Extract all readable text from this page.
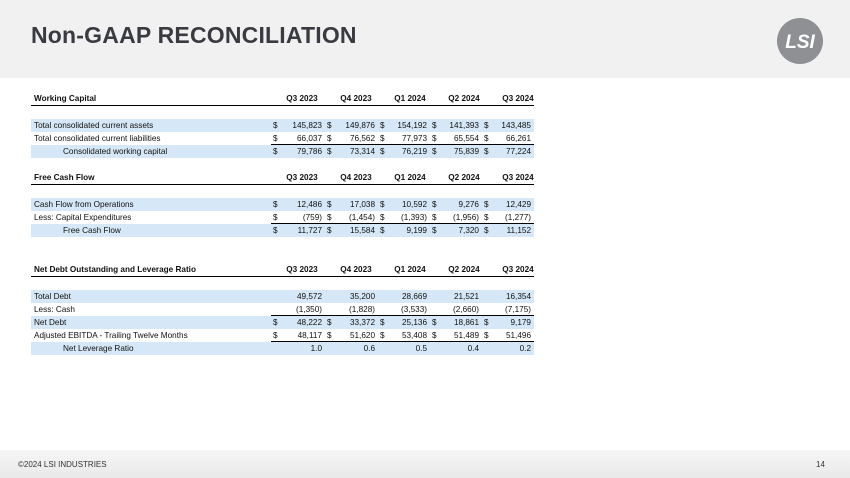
Non-GAAP RECONCILIATION	LSI
Working Capital	Q3 2023	Q4 2023	Q1 2024	Q2 2024	Q3 2024
Total consolidated current assets	$ 145,823 $ 149,876 $ 154,192 $ 141,393 $ 143,485
Total consolidated current liabilities	$ 66,037 $ 76,562 $ 77,973 $ 65,554 $ 66,261
Consolidated working capital	$ 79,786 $ 73,314 $ 76,219 $ 75,839 $ 77,224
Free Cash Flow	Q3 2023	Q4 2023	Q1 2024	Q2 2024	Q3 2024
Cash Flow from Operations	$ 12,486 $ 17,038 $ 10,592 $	9,276 $ 12,429
Less: Capital Expenditures	$	(759) $ (1,454) $ (1,393) $ (1,956) $ (1,277)
Free Cash Flow	$ 11,727 $ 15,584 $	9,199 $	7,320 $ 11,152
Net Debt Outstanding and Leverage Ratio	Q3 2023	Q4 2023	Q1 2024	Q2 2024	Q3 2024
Total Debt	49,572	35,200	28,669	21,521	16,354
Less: Cash	(1,350)	(1,828)	(3,533)	(2,660)	(7,175)
Net Debt	$ 48,222 $ 33,372 $ 25,136 $ 18,861 $	9,179
Adjusted EBITDA - Trailing Twelve Months	$ 48,117 $ 51,620 $ 53,408 $ 51,489 $ 51,496
Net Leverage Ratio	1.0	0.6	0.5	0.4	0.2
©2024 LSI INDUSTRIES	14
